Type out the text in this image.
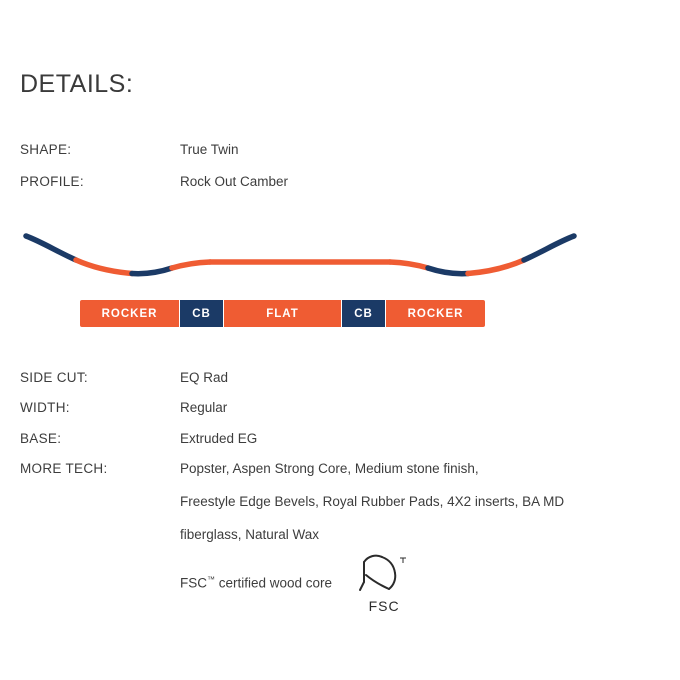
DETAILS:
SHAPE:	True Twin
PROFILE:	Rock Out Camber
ROCKER	CB	FLAT	CB	ROCKER
SIDE CUT:	EQ Rad
WIDTH:	Regular
BASE:	Extruded EG
MORE TECH:	Popster, Aspen Strong Core, Medium stone finish,
Freestyle Edge Bevels, Royal Rubber Pads, 4X2 inserts, BA MD
fiberglass, Natural Wax
FSC™ certified wood core
FSC
